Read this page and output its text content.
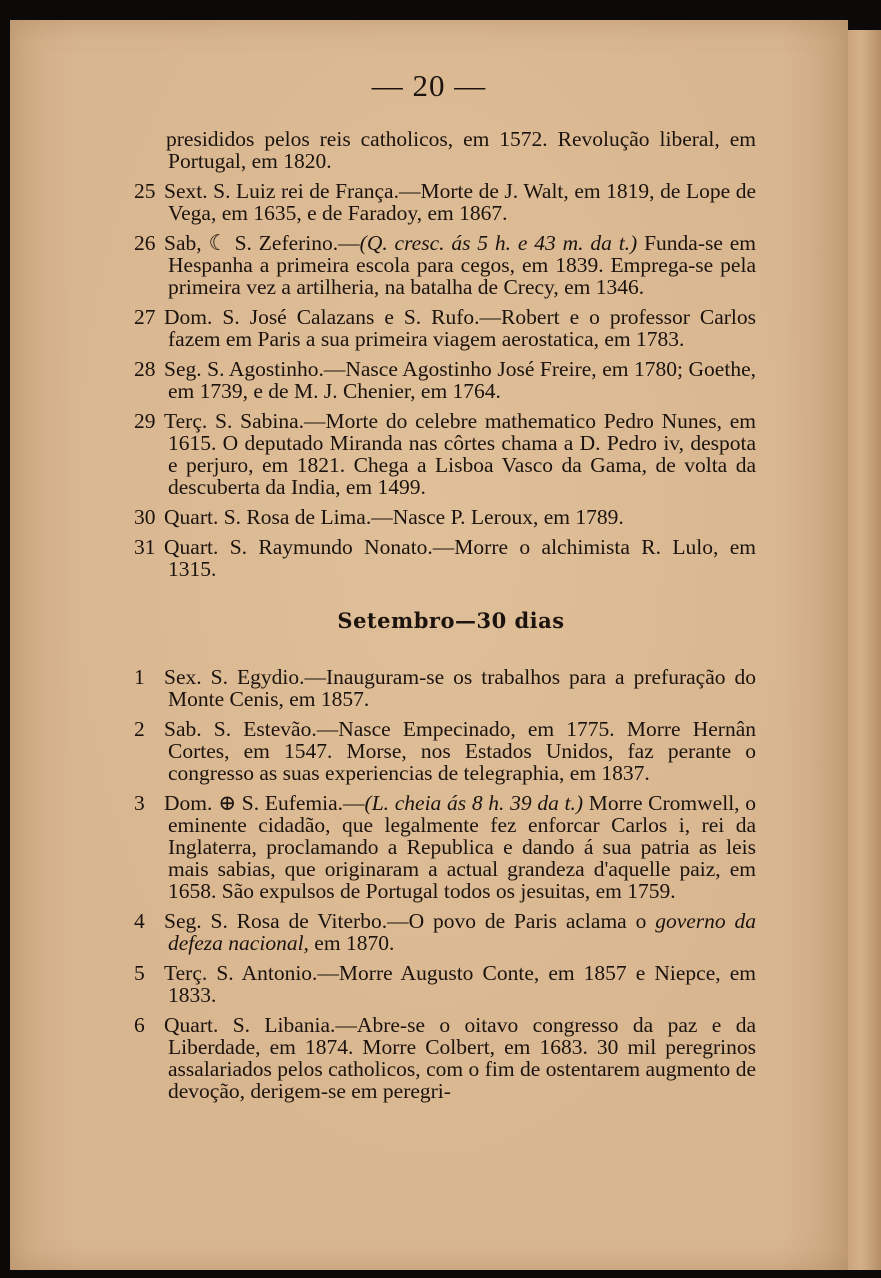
— 20 —

presididos pelos reis catholicos, em 1572. Revolução liberal, em Portugal, em 1820.

25 Sext. S. Luiz rei de França.—Morte de J. Walt, em 1819, de Lope de Vega, em 1635, e de Faradoy, em 1867.

26 Sab, ☾ S. Zeferino.—(Q. cresc. ás 5 h. e 43 m. da t.) Funda-se em Hespanha a primeira escola para cegos, em 1839. Emprega-se pela primeira vez a artilheria, na batalha de Crecy, em 1346.

27 Dom. S. José Calazans e S. Rufo.—Robert e o professor Carlos fazem em Paris a sua primeira viagem aerostatica, em 1783.

28 Seg. S. Agostinho.—Nasce Agostinho José Freire, em 1780; Goethe, em 1739, e de M. J. Chenier, em 1764.

29 Terç. S. Sabina.—Morte do celebre mathematico Pedro Nunes, em 1615. O deputado Miranda nas côrtes chama a D. Pedro iv, despota e perjuro, em 1821. Chega a Lisboa Vasco da Gama, de volta da descuberta da India, em 1499.

30 Quart. S. Rosa de Lima.—Nasce P. Leroux, em 1789.

31 Quart. S. Raymundo Nonato.—Morre o alchimista R. Lulo, em 1315.

Setembro—30 dias

1 Sex. S. Egydio.—Inauguram-se os trabalhos para a prefuração do Monte Cenis, em 1857.

2 Sab. S. Estevão.—Nasce Empecinado, em 1775. Morre Hernân Cortes, em 1547. Morse, nos Estados Unidos, faz perante o congresso as suas experiencias de telegraphia, em 1837.

3 Dom. ⊕ S. Eufemia.—(L. cheia ás 8 h. 39 da t.) Morre Cromwell, o eminente cidadão, que legalmente fez enforcar Carlos i, rei da Inglaterra, proclamando a Republica e dando á sua patria as leis mais sabias, que originaram a actual grandeza d'aquelle paiz, em 1658. São expulsos de Portugal todos os jesuitas, em 1759.

4 Seg. S. Rosa de Viterbo.—O povo de Paris aclama o governo da defeza nacional, em 1870.

5 Terç. S. Antonio.—Morre Augusto Conte, em 1857 e Niepce, em 1833.

6 Quart. S. Libania.—Abre-se o oitavo congresso da paz e da Liberdade, em 1874. Morre Colbert, em 1683. 30 mil peregrinos assalariados pelos catholicos, com o fim de ostentarem augmento de devoção, derigem-se em peregri-
